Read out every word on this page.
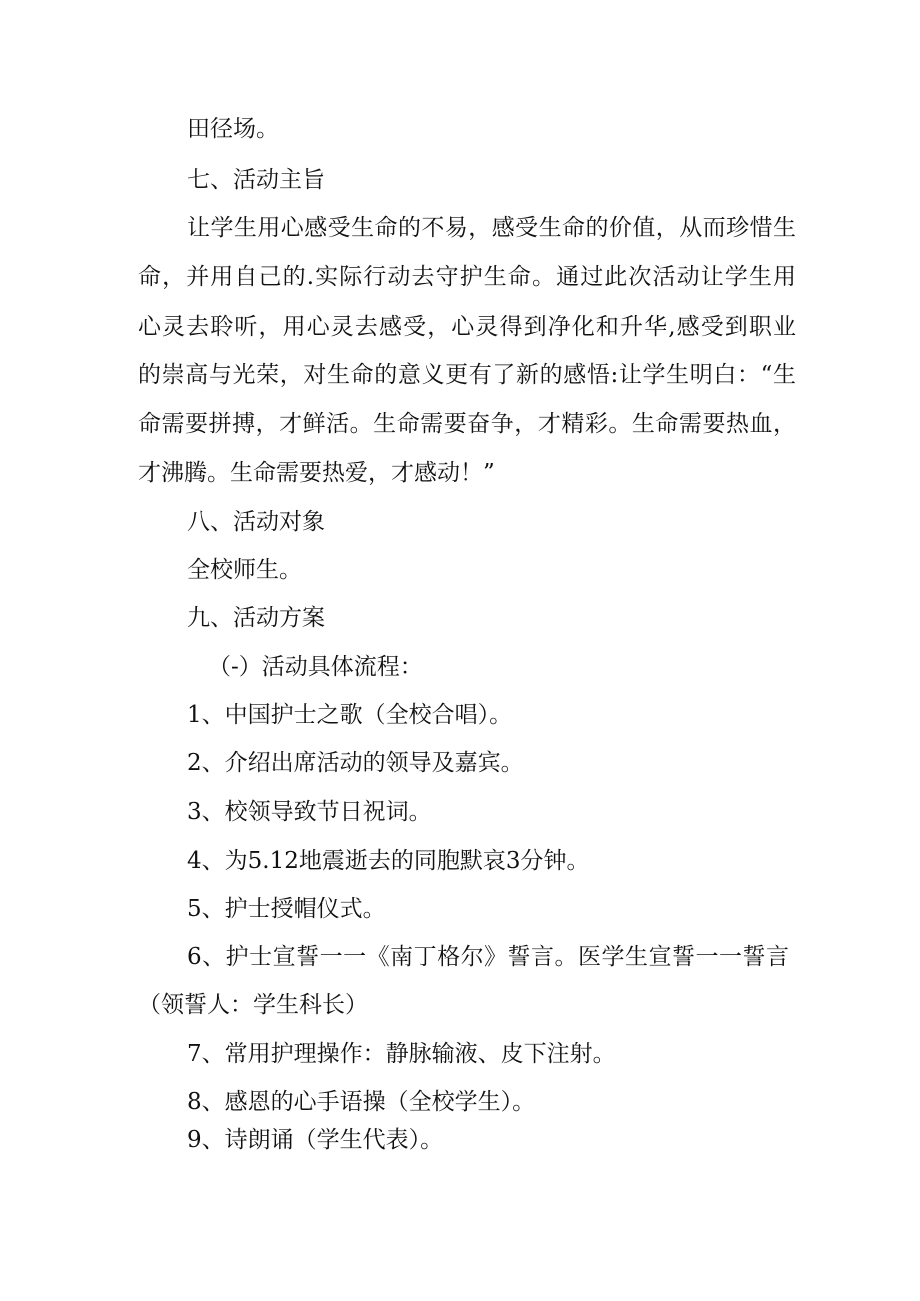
田径场。
七、活动主旨
让学生用心感受生命的不易，感受生命的价值，从而珍惜生
命，并用自己的.实际行动去守护生命。通过此次活动让学生用
心灵去聆听，用心灵去感受，心灵得到净化和升华,感受到职业
的崇高与光荣，对生命的意义更有了新的感悟:让学生明白：“生
命需要拼搏，才鲜活。生命需要奋争，才精彩。生命需要热血，
才沸腾。生命需要热爱，才感动！”
八、活动对象
全校师生。
九、活动方案
（-）活动具体流程：
1、中国护士之歌（全校合唱）。
2、介绍出席活动的领导及嘉宾。
3、校领导致节日祝词。
4、为5.12地震逝去的同胞默哀3分钟。
5、护士授帽仪式。
6、护士宣誓一一《南丁格尔》誓言。医学生宣誓一一誓言
（领誓人：学生科长）
7、常用护理操作：静脉输液、皮下注射。
8、感恩的心手语操（全校学生）。
9、诗朗诵（学生代表）。
